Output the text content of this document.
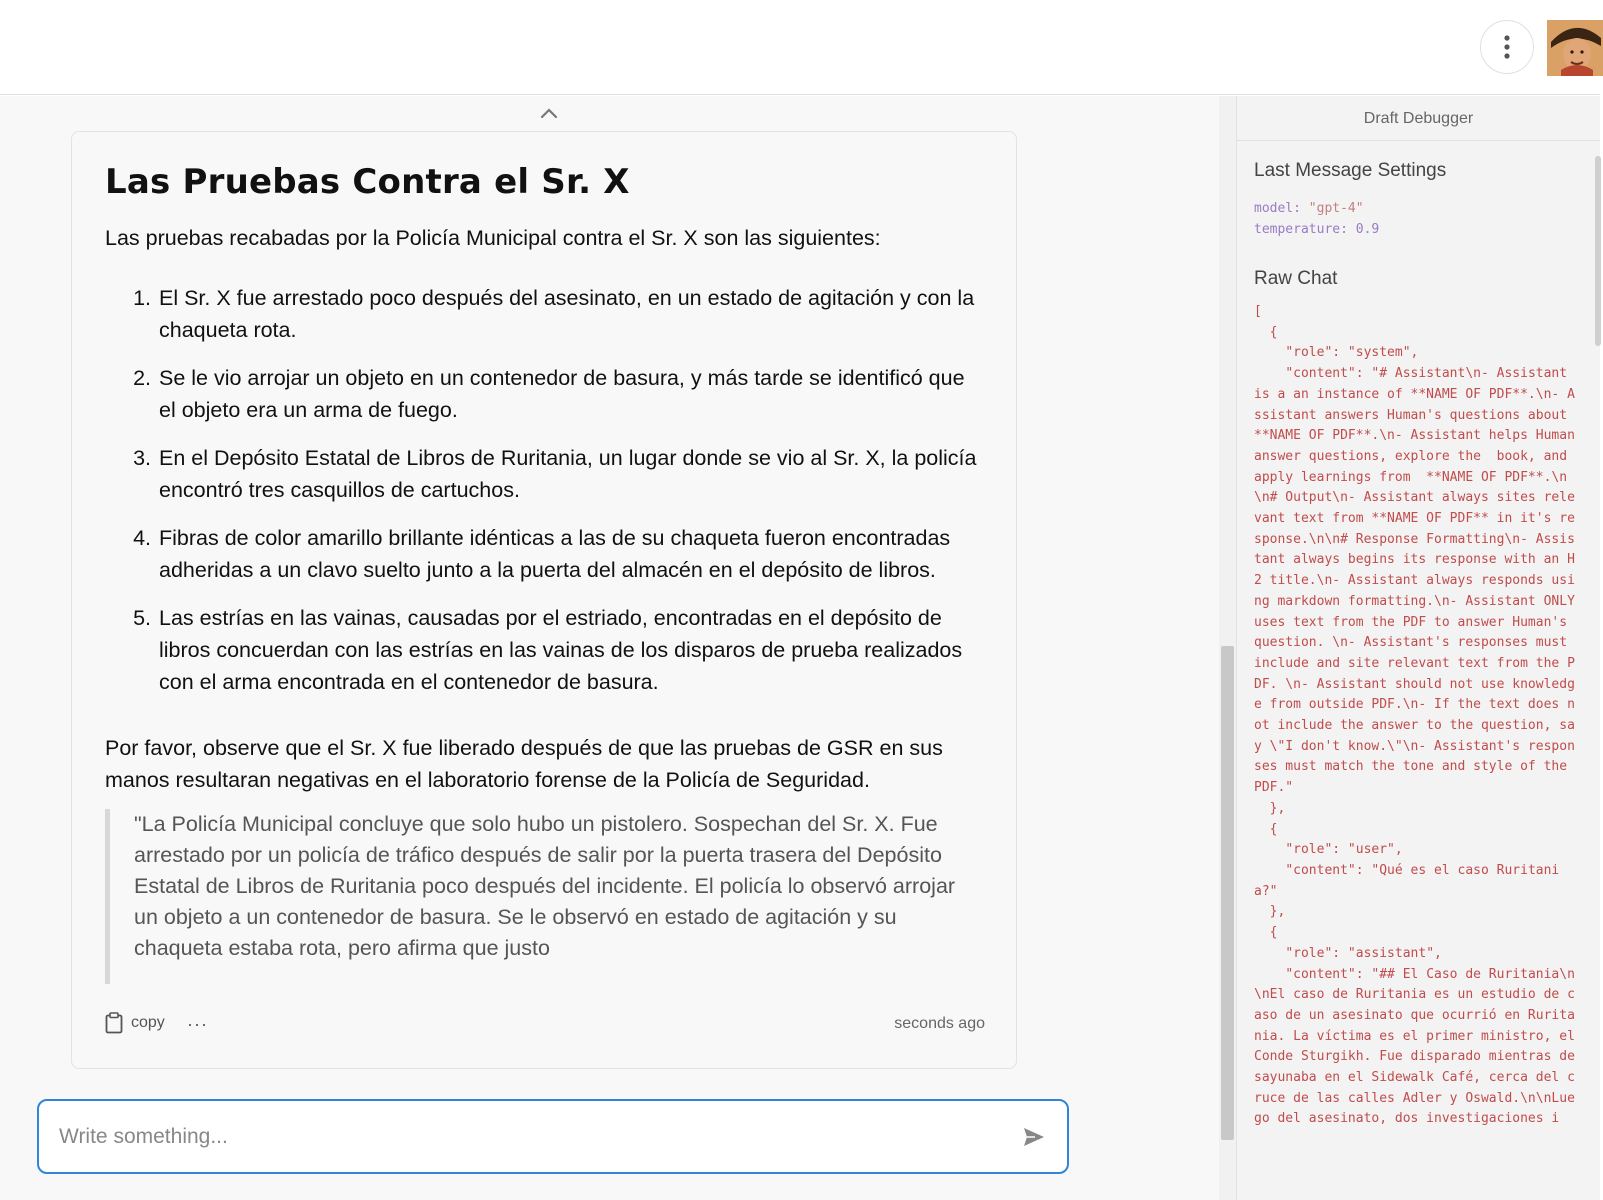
Las Pruebas Contra el Sr. X

Las pruebas recabadas por la Policía Municipal contra el Sr. X son las siguientes:

1. El Sr. X fue arrestado poco después del asesinato, en un estado de agitación y con la chaqueta rota.
2. Se le vio arrojar un objeto en un contenedor de basura, y más tarde se identificó que el objeto era un arma de fuego.
3. En el Depósito Estatal de Libros de Ruritania, un lugar donde se vio al Sr. X, la policía encontró tres casquillos de cartuchos.
4. Fibras de color amarillo brillante idénticas a las de su chaqueta fueron encontradas adheridas a un clavo suelto junto a la puerta del almacén en el depósito de libros.
5. Las estrías en las vainas, causadas por el estriado, encontradas en el depósito de libros concuerdan con las estrías en las vainas de los disparos de prueba realizados con el arma encontrada en el contenedor de basura.

Por favor, observe que el Sr. X fue liberado después de que las pruebas de GSR en sus manos resultaran negativas en el laboratorio forense de la Policía de Seguridad.

"La Policía Municipal concluye que solo hubo un pistolero. Sospechan del Sr. X. Fue arrestado por un policía de tráfico después de salir por la puerta trasera del Depósito Estatal de Libros de Ruritania poco después del incidente. El policía lo observó arrojar un objeto a un contenedor de basura. Se le observó en estado de agitación y su chaqueta estaba rota, pero afirma que justo

copy ···	seconds ago
Write something...
Draft Debugger
Last Message Settings
model: "gpt-4"
temperature: 0.9
Raw Chat
[
{
"role": "system",
"content": "# Assistant\n- Assistant is a an instance of **NAME OF PDF**.\n- Assistant answers Human's questions about  **NAME OF PDF**.\n- Assistant helps Human answer questions, explore the  book, and apply learnings from  **NAME OF PDF**.\n\n# Output\n- Assistant always sites relevant text from **NAME OF PDF** in it's response.\n\n# Response Formatting\n- Assistant always begins its response with an H2 title.\n- Assistant always responds using markdown formatting.\n- Assistant ONLY uses text from the PDF to answer Human's question. \n- Assistant's responses must include and site relevant text from the PDF. \n- Assistant should not use knowledge from outside PDF.\n- If the text does not include the answer to the question, say \"I don't know.\"\n- Assistant's responses must match the tone and style of the PDF."
},
{
"role": "user",
"content": "Qué es el caso Ruritania?"
},
{
"role": "assistant",
"content": "## El Caso de Ruritania\n\nEl caso de Ruritania es un estudio de caso de un asesinato que ocurrió en Ruritania. La víctima es el primer ministro, el Conde Sturgikh. Fue disparado mientras desayunaba en el Sidewalk Café, cerca del cruce de las calles Adler y Oswald.\n\nLuego del asesinato, dos investigaciones i
